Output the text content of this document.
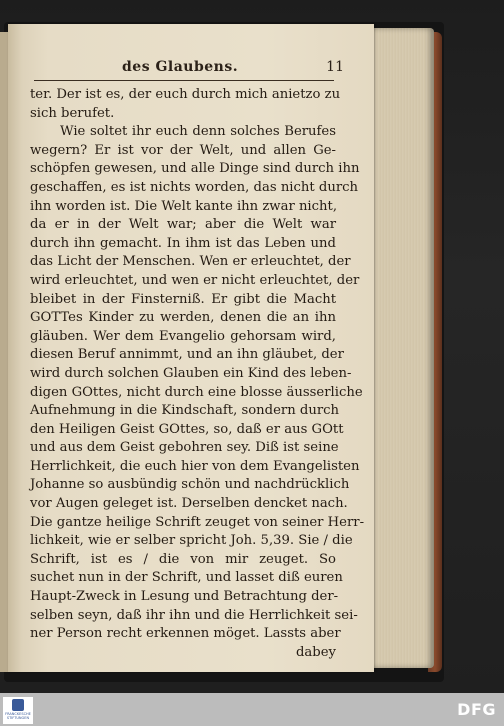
des Glaubens.	11
ter. Der ist es, der euch durch mich anietzo zu
sich berufet.
Wie soltet ihr euch denn solches Berufes
wegern? Er ist vor der Welt, und allen Ge-
schöpfen gewesen, und alle Dinge sind durch ihn
geschaffen, es ist nichts worden, das nicht durch
ihn worden ist. Die Welt kante ihn zwar nicht,
da er in der Welt war; aber die Welt war
durch ihn gemacht. In ihm ist das Leben und
das Licht der Menschen. Wen er erleuchtet, der
wird erleuchtet, und wen er nicht erleuchtet, der
bleibet in der Finsterniß. Er gibt die Macht
GOTTes Kinder zu werden, denen die an ihn
gläuben. Wer dem Evangelio gehorsam wird,
diesen Beruf annimmt, und an ihn gläubet, der
wird durch solchen Glauben ein Kind des leben-
digen GOttes, nicht durch eine blosse äusserliche
Aufnehmung in die Kindschaft, sondern durch
den Heiligen Geist GOttes, so, daß er aus GOtt
und aus dem Geist gebohren sey. Diß ist seine
Herrlichkeit, die euch hier von dem Evangelisten
Johanne so ausbündig schön und nachdrücklich
vor Augen geleget ist. Derselben dencket nach.
Die gantze heilige Schrift zeuget von seiner Herr-
lichkeit, wie er selber spricht Joh. 5,39. Sie / die
Schrift, ist es / die von mir zeuget. So
suchet nun in der Schrift, und lasset diß euren
Haupt-Zweck in Lesung und Betrachtung der-
selben seyn, daß ihr ihn und die Herrlichkeit sei-
ner Person recht erkennen möget. Lassts aber
dabey
FRANCKESCHE STIFTUNGEN	DFG
